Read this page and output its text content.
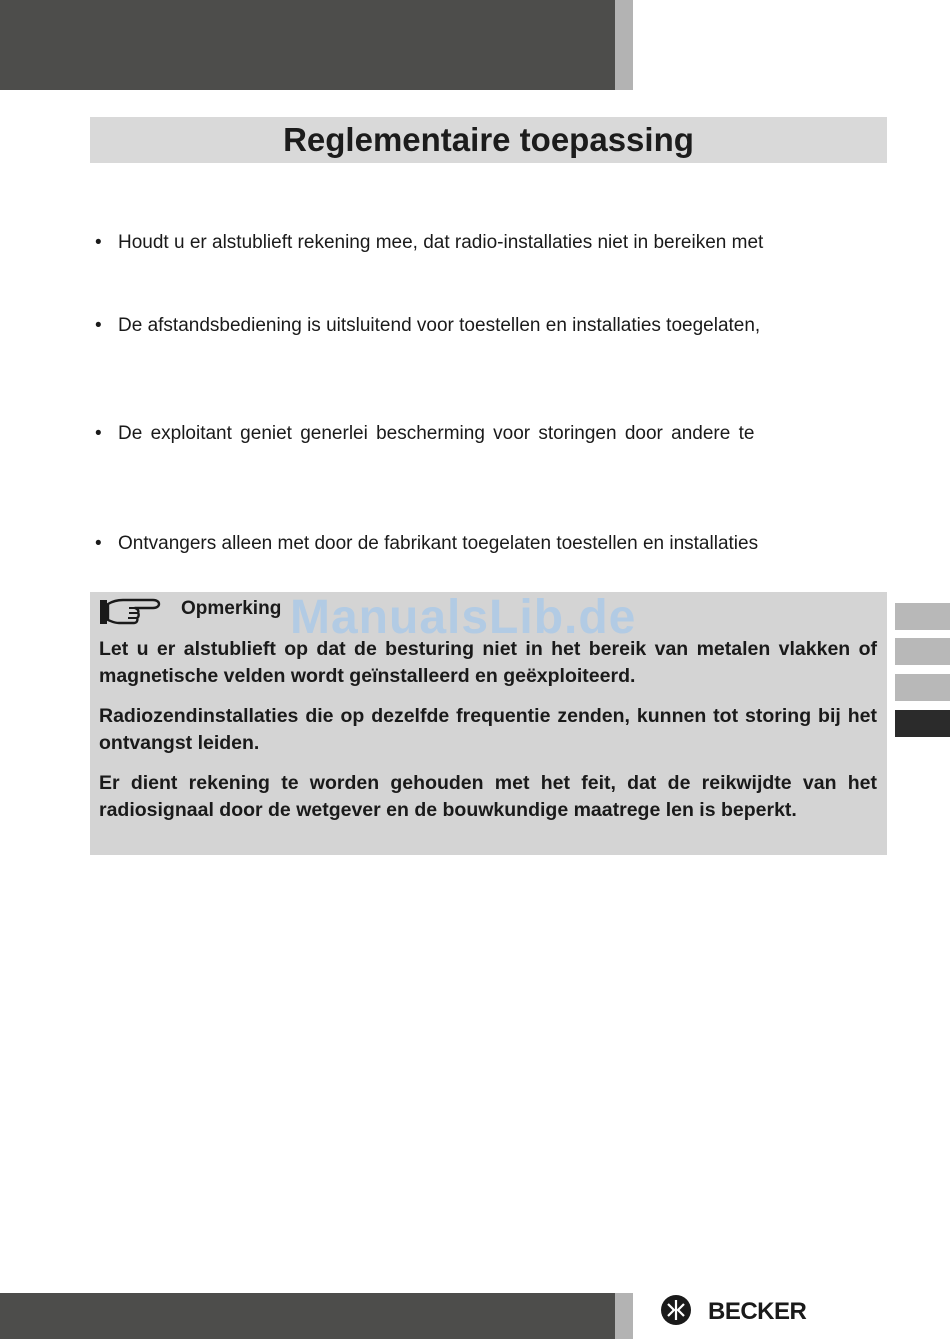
Reglementaire toepassing
• Houdt u er alstublieft rekening mee, dat radio-installaties niet in bereiken met
• De afstandsbediening is uitsluitend voor toestellen en installaties toegelaten,
• De exploitant geniet generlei bescherming voor storingen door andere te
• Ontvangers alleen met door de fabrikant toegelaten toestellen en installaties
Opmerking
Let u er alstublieft op dat de besturing niet in het bereik van metalen vlakken of magnetische velden wordt geïnstalleerd en geëxploiteerd.
Radiozendinstallaties die op dezelfde frequentie zenden, kunnen tot storing bij het ontvangst leiden.
Er dient rekening te worden gehouden met het feit, dat de reikwijdte van het radiosignaal door de wetgever en de bouwkundige maatrege len is beperkt.
ManualsLib.de
BECKER
